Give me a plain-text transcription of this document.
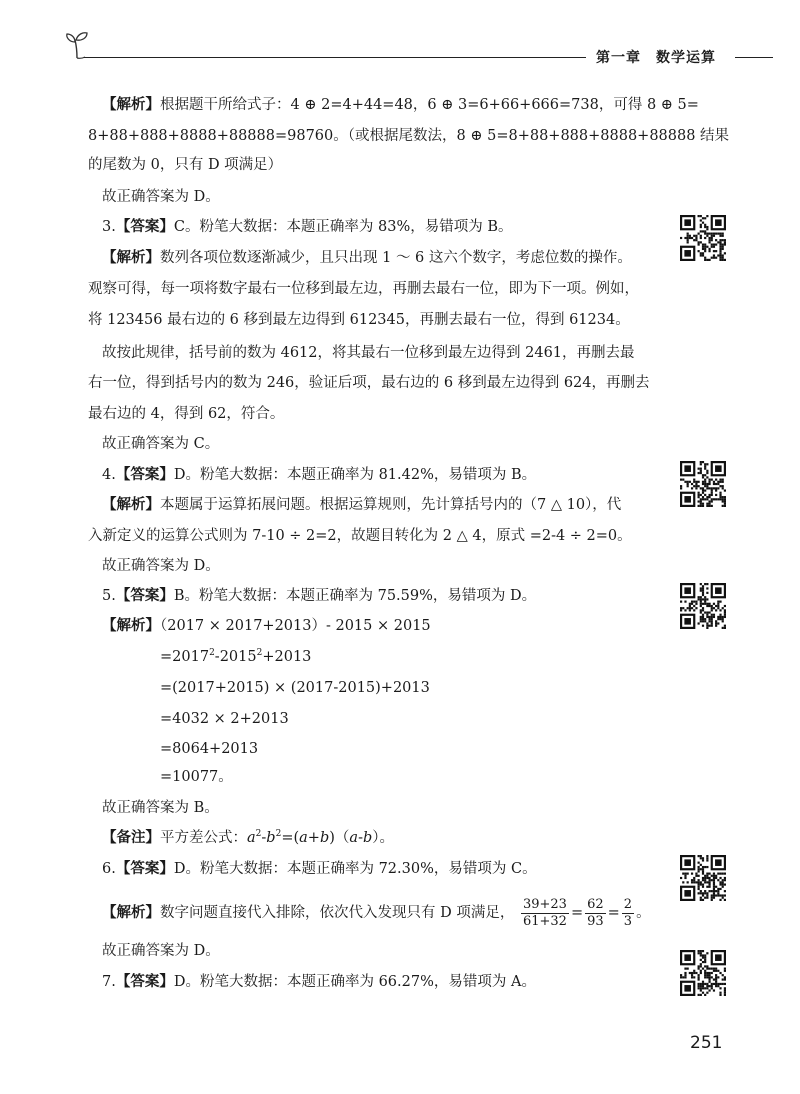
第一章　数学运算
【解析】根据题干所给式子：4 ⊕ 2=4+44=48，6 ⊕ 3=6+66+666=738，可得 8 ⊕ 5=
8+88+888+8888+88888=98760。（或根据尾数法，8 ⊕ 5=8+88+888+8888+88888 结果
的尾数为 0，只有 D 项满足）
故正确答案为 D。
3.【答案】C。粉笔大数据：本题正确率为 83%，易错项为 B。
【解析】数列各项位数逐渐减少，且只出现 1 ～ 6 这六个数字，考虑位数的操作。
观察可得，每一项将数字最右一位移到最左边，再删去最右一位，即为下一项。例如，
将 123456 最右边的 6 移到最左边得到 612345，再删去最右一位，得到 61234。
故按此规律，括号前的数为 4612，将其最右一位移到最左边得到 2461，再删去最
右一位，得到括号内的数为 246，验证后项，最右边的 6 移到最左边得到 624，再删去
最右边的 4，得到 62，符合。
故正确答案为 C。
4.【答案】D。粉笔大数据：本题正确率为 81.42%，易错项为 B。
【解析】本题属于运算拓展问题。根据运算规则，先计算括号内的（7 △ 10），代
入新定义的运算公式则为 7-10 ÷ 2=2，故题目转化为 2 △ 4，原式 =2-4 ÷ 2=0。
故正确答案为 D。
5.【答案】B。粉笔大数据：本题正确率为 75.59%，易错项为 D。
【解析】（2017 × 2017+2013）- 2015 × 2015
$=2017^2-2015^2+2013$
=(2017+2015) × (2017-2015)+2013
=4032 × 2+2013
=8064+2013
=10077。
故正确答案为 B。
【备注】平方差公式：$a^2-b^2=(a+b)(a-b)$。
6.【答案】D。粉笔大数据：本题正确率为 72.30%，易错项为 C。
【解析】数字问题直接代入排除，依次代入发现只有 D 项满足， $\frac{39+23}{61+32} = \frac{62}{93} = \frac{2}{3}$ 。
故正确答案为 D。
7.【答案】D。粉笔大数据：本题正确率为 66.27%，易错项为 A。
251
